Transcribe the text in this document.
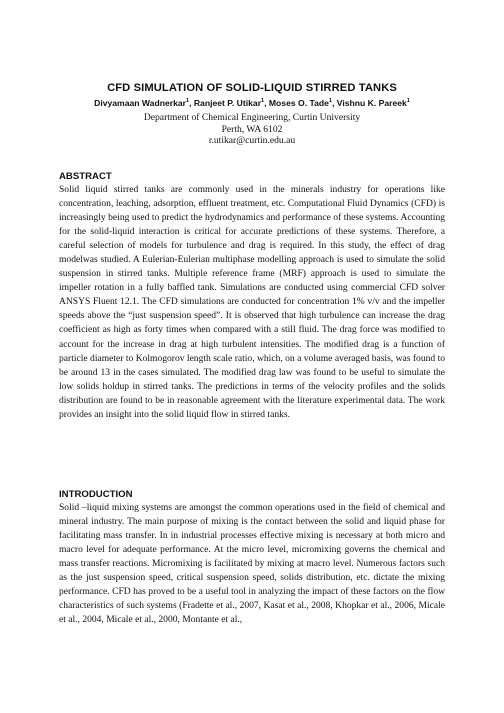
CFD SIMULATION OF SOLID-LIQUID STIRRED TANKS
Divyamaan Wadnerkar$^1$, Ranjeet P. Utikar$^1$, Moses O. Tade$^1$, Vishnu K. Pareek$^1$
Department of Chemical Engineering, Curtin University
Perth, WA 6102
r.utikar@curtin.edu.au
ABSTRACT

Solid liquid stirred tanks are commonly used in the minerals industry for operations like concentration, leaching, adsorption, effluent treatment, etc. Computational Fluid Dynamics (CFD) is increasingly being used to predict the hydrodynamics and performance of these systems. Accounting for the solid-liquid interaction is critical for accurate predictions of these systems. Therefore, a careful selection of models for turbulence and drag is required. In this study, the effect of drag modelwas studied. A Eulerian-Eulerian multiphase modelling approach is used to simulate the solid suspension in stirred tanks. Multiple reference frame (MRF) approach is used to simulate the impeller rotation in a fully baffled tank. Simulations are conducted using commercial CFD solver ANSYS Fluent 12.1. The CFD simulations are conducted for concentration 1% v/v and the impeller speeds above the “just suspension speed”. It is observed that high turbulence can increase the drag coefficient as high as forty times when compared with a still fluid. The drag force was modified to account for the increase in drag at high turbulent intensities. The modified drag is a function of particle diameter to Kolmogorov length scale ratio, which, on a volume averaged basis, was found to be around 13 in the cases simulated. The modified drag law was found to be useful to simulate the low solids holdup in stirred tanks. The predictions in terms of the velocity profiles and the solids distribution are found to be in reasonable agreement with the literature experimental data. The work provides an insight into the solid liquid flow in stirred tanks.

INTRODUCTION

Solid –liquid mixing systems are amongst the common operations used in the field of chemical and mineral industry. The main purpose of mixing is the contact between the solid and liquid phase for facilitating mass transfer. In in industrial processes effective mixing is necessary at both micro and macro level for adequate performance. At the micro level, micromixing governs the chemical and mass transfer reactions. Micromixing is facilitated by mixing at macro level. Numerous factors such as the just suspension speed, critical suspension speed, solids distribution, etc. dictate the mixing performance. CFD has proved to be a useful tool in analyzing the impact of these factors on the flow characteristics of such systems (Fradette et al., 2007, Kasat et al., 2008, Khopkar et al., 2006, Micale et al., 2004, Micale et al., 2000, Montante et al.,
